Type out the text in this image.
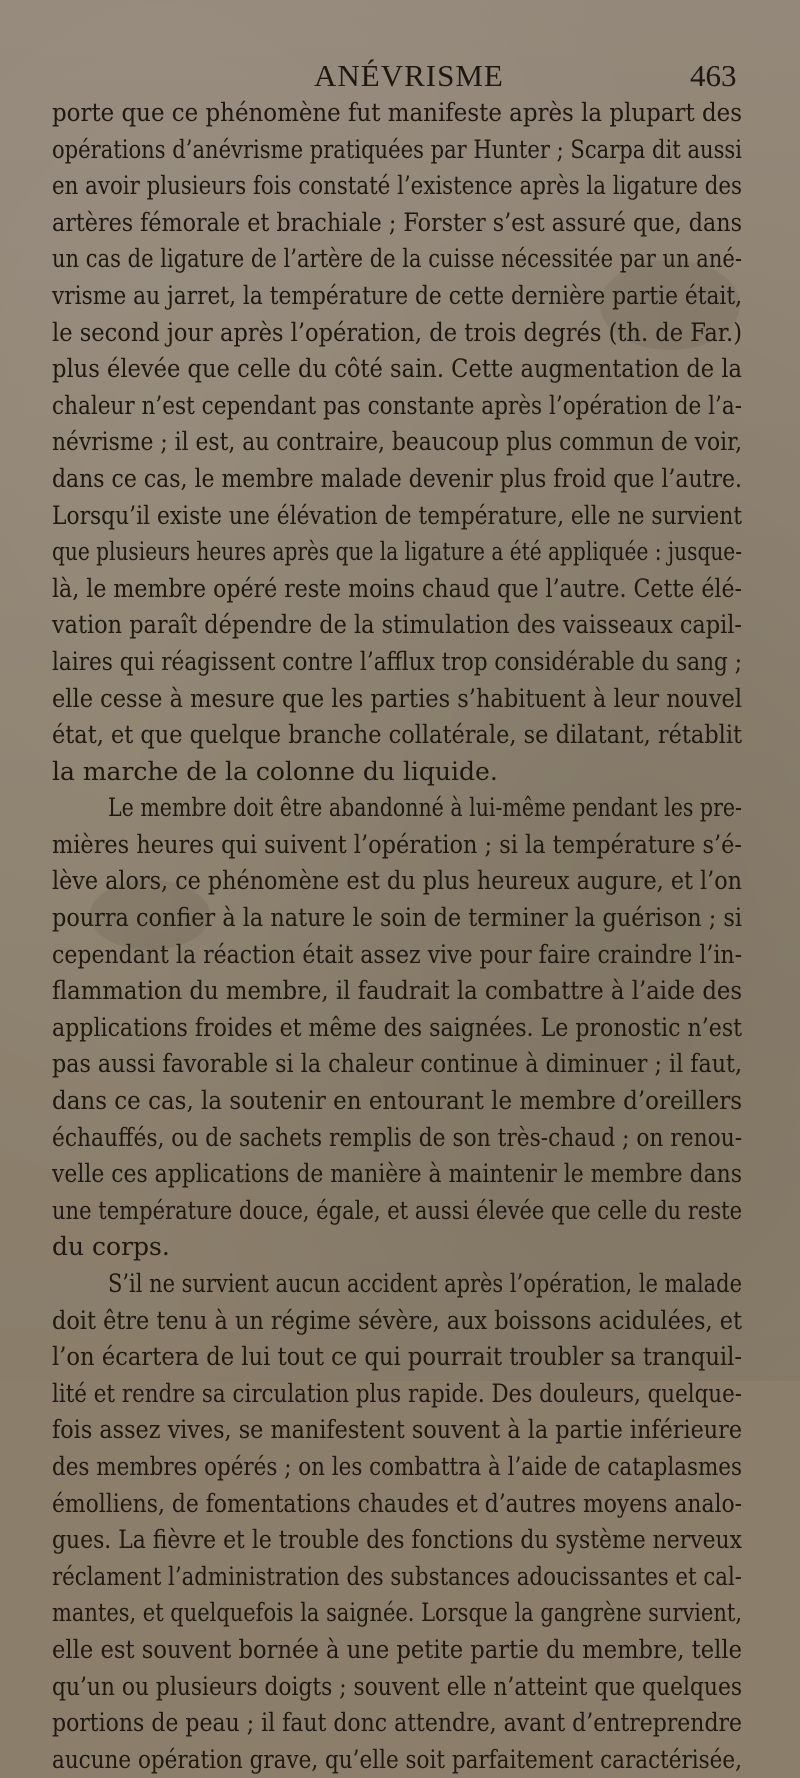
ANÉVRISME	463
porte que ce phénomène fut manifeste après la plupart des
opérations d’anévrisme pratiquées par Hunter ; Scarpa dit aussi
en avoir plusieurs fois constaté l’existence après la ligature des
artères fémorale et brachiale ; Forster s’est assuré que, dans
un cas de ligature de l’artère de la cuisse nécessitée par un ané-
vrisme au jarret, la température de cette dernière partie était,
le second jour après l’opération, de trois degrés (th. de Far.)
plus élevée que celle du côté sain. Cette augmentation de la
chaleur n’est cependant pas constante après l’opération de l’a-
névrisme ; il est, au contraire, beaucoup plus commun de voir,
dans ce cas, le membre malade devenir plus froid que l’autre.
Lorsqu’il existe une élévation de température, elle ne survient
que plusieurs heures après que la ligature a été appliquée : jusque-
là, le membre opéré reste moins chaud que l’autre. Cette élé-
vation paraît dépendre de la stimulation des vaisseaux capil-
laires qui réagissent contre l’afflux trop considérable du sang ;
elle cesse à mesure que les parties s’habituent à leur nouvel
état, et que quelque branche collatérale, se dilatant, rétablit
la marche de la colonne du liquide.
Le membre doit être abandonné à lui-même pendant les pre-
mières heures qui suivent l’opération ; si la température s’é-
lève alors, ce phénomène est du plus heureux augure, et l’on
pourra confier à la nature le soin de terminer la guérison ; si
cependant la réaction était assez vive pour faire craindre l’in-
flammation du membre, il faudrait la combattre à l’aide des
applications froides et même des saignées. Le pronostic n’est
pas aussi favorable si la chaleur continue à diminuer ; il faut,
dans ce cas, la soutenir en entourant le membre d’oreillers
échauffés, ou de sachets remplis de son très-chaud ; on renou-
velle ces applications de manière à maintenir le membre dans
une température douce, égale, et aussi élevée que celle du reste
du corps.
S’il ne survient aucun accident après l’opération, le malade
doit être tenu à un régime sévère, aux boissons acidulées, et
l’on écartera de lui tout ce qui pourrait troubler sa tranquil-
lité et rendre sa circulation plus rapide. Des douleurs, quelque-
fois assez vives, se manifestent souvent à la partie inférieure
des membres opérés ; on les combattra à l’aide de cataplasmes
émolliens, de fomentations chaudes et d’autres moyens analo-
gues. La fièvre et le trouble des fonctions du système nerveux
réclament l’administration des substances adoucissantes et cal-
mantes, et quelquefois la saignée. Lorsque la gangrène survient,
elle est souvent bornée à une petite partie du membre, telle
qu’un ou plusieurs doigts ; souvent elle n’atteint que quelques
portions de peau ; il faut donc attendre, avant d’entreprendre
aucune opération grave, qu’elle soit parfaitement caractérisée,
